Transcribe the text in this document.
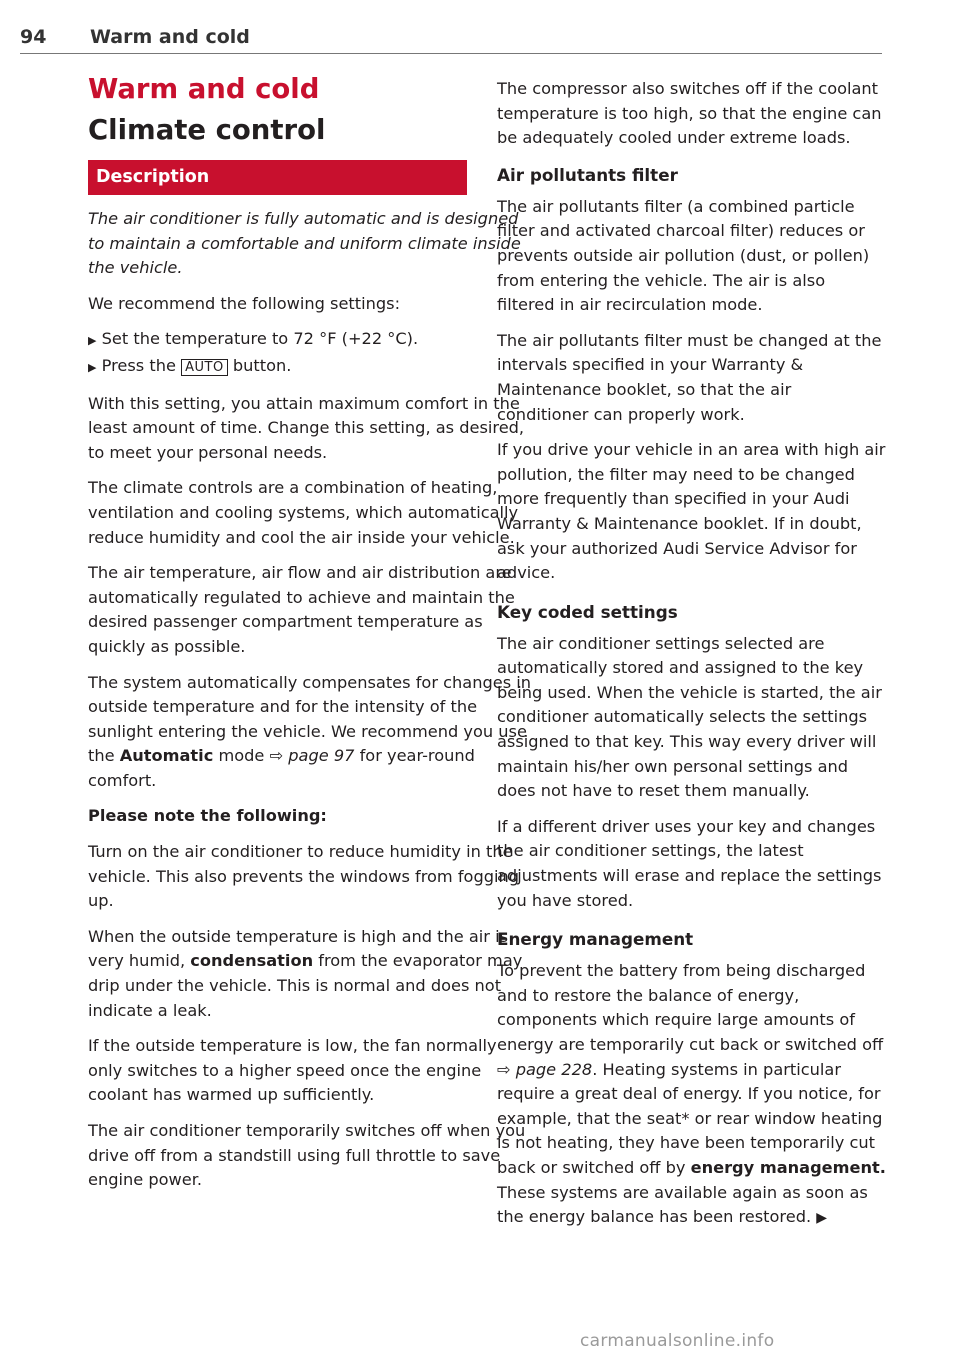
94 Warm and cold
Warm and cold
Climate control
Description

The air conditioner is fully automatic and is designed to maintain a comfortable and uniform climate inside the vehicle.

We recommend the following settings:

▶ Set the temperature to 72 °F (+22 °C).

▶ Press the AUTO button.

With this setting, you attain maximum comfort in the least amount of time. Change this setting, as desired, to meet your personal needs.

The climate controls are a combination of heating, ventilation and cooling systems, which automatically reduce humidity and cool the air inside your vehicle.

The air temperature, air flow and air distribution are automatically regulated to achieve and maintain the desired passenger compartment temperature as quickly as possible.

The system automatically compensates for changes in outside temperature and for the intensity of the sunlight entering the vehicle. We recommend you use the Automatic mode ⇨ page 97 for year-round comfort.

Please note the following:

Turn on the air conditioner to reduce humidity in the vehicle. This also prevents the windows from fogging up.

When the outside temperature is high and the air is very humid, condensation from the evaporator may drip under the vehicle. This is normal and does not indicate a leak.

If the outside temperature is low, the fan normally only switches to a higher speed once the engine coolant has warmed up sufficiently.

The air conditioner temporarily switches off when you drive off from a standstill using full throttle to save engine power.

The compressor also switches off if the coolant temperature is too high, so that the engine can be adequately cooled under extreme loads.

Air pollutants filter

The air pollutants filter (a combined particle filter and activated charcoal filter) reduces or prevents outside air pollution (dust, or pollen) from entering the vehicle. The air is also filtered in air recirculation mode.

The air pollutants filter must be changed at the intervals specified in your Warranty & Maintenance booklet, so that the air conditioner can properly work.

If you drive your vehicle in an area with high air pollution, the filter may need to be changed more frequently than specified in your Audi Warranty & Maintenance booklet. If in doubt, ask your authorized Audi Service Advisor for advice.

Key coded settings

The air conditioner settings selected are automatically stored and assigned to the key being used. When the vehicle is started, the air conditioner automatically selects the settings assigned to that key. This way every driver will maintain his/her own personal settings and does not have to reset them manually.

If a different driver uses your key and changes the air conditioner settings, the latest adjustments will erase and replace the settings you have stored.

Energy management

To prevent the battery from being discharged and to restore the balance of energy, components which require large amounts of energy are temporarily cut back or switched off ⇨ page 228. Heating systems in particular require a great deal of energy. If you notice, for example, that the seat* or rear window heating is not heating, they have been temporarily cut back or switched off by energy management. These systems are available again as soon as the energy balance has been restored. ▶

carmanualsonline.info
